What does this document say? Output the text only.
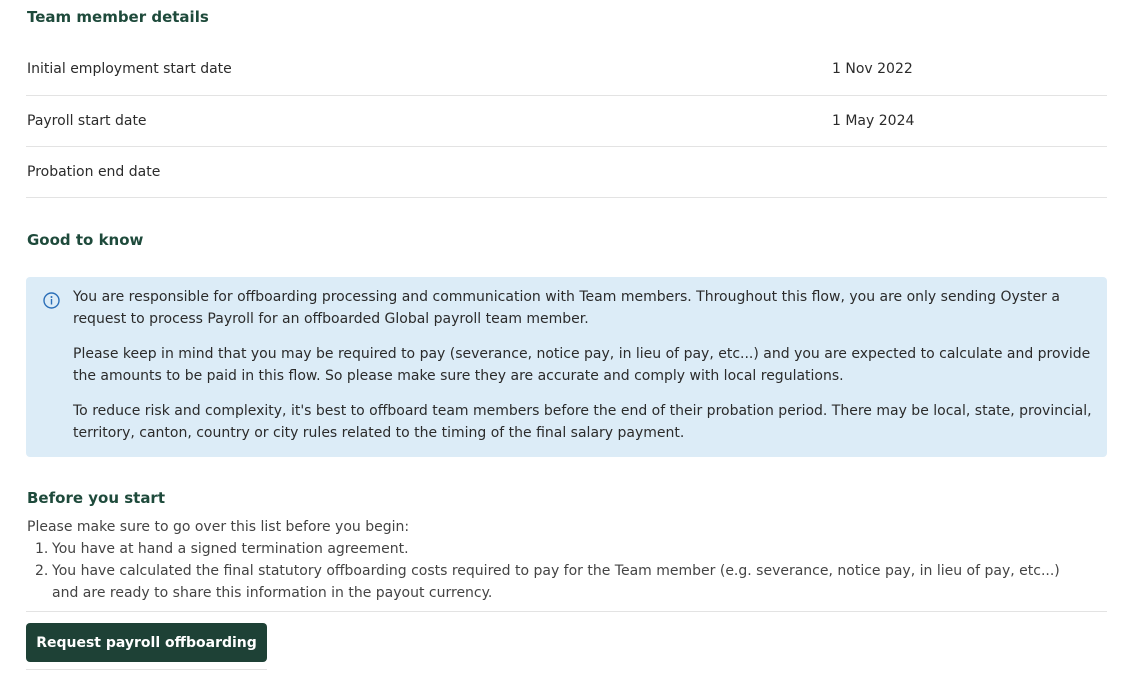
Team member details
Initial employment start date	1 Nov 2022
Payroll start date	1 May 2024
Probation end date
Good to know

You are responsible for offboarding processing and communication with Team members. Throughout this flow, you are only sending Oyster a request to process Payroll for an offboarded Global payroll team member.

Please keep in mind that you may be required to pay (severance, notice pay, in lieu of pay, etc...) and you are expected to calculate and provide the amounts to be paid in this flow. So please make sure they are accurate and comply with local regulations.

To reduce risk and complexity, it's best to offboard team members before the end of their probation period. There may be local, state, provincial, territory, canton, country or city rules related to the timing of the final salary payment.

Before you start

Please make sure to go over this list before you begin:

1. You have at hand a signed termination agreement.
2. You have calculated the final statutory offboarding costs required to pay for the Team member (e.g. severance, notice pay, in lieu of pay, etc...) and are ready to share this information in the payout currency.
Request payroll offboarding
